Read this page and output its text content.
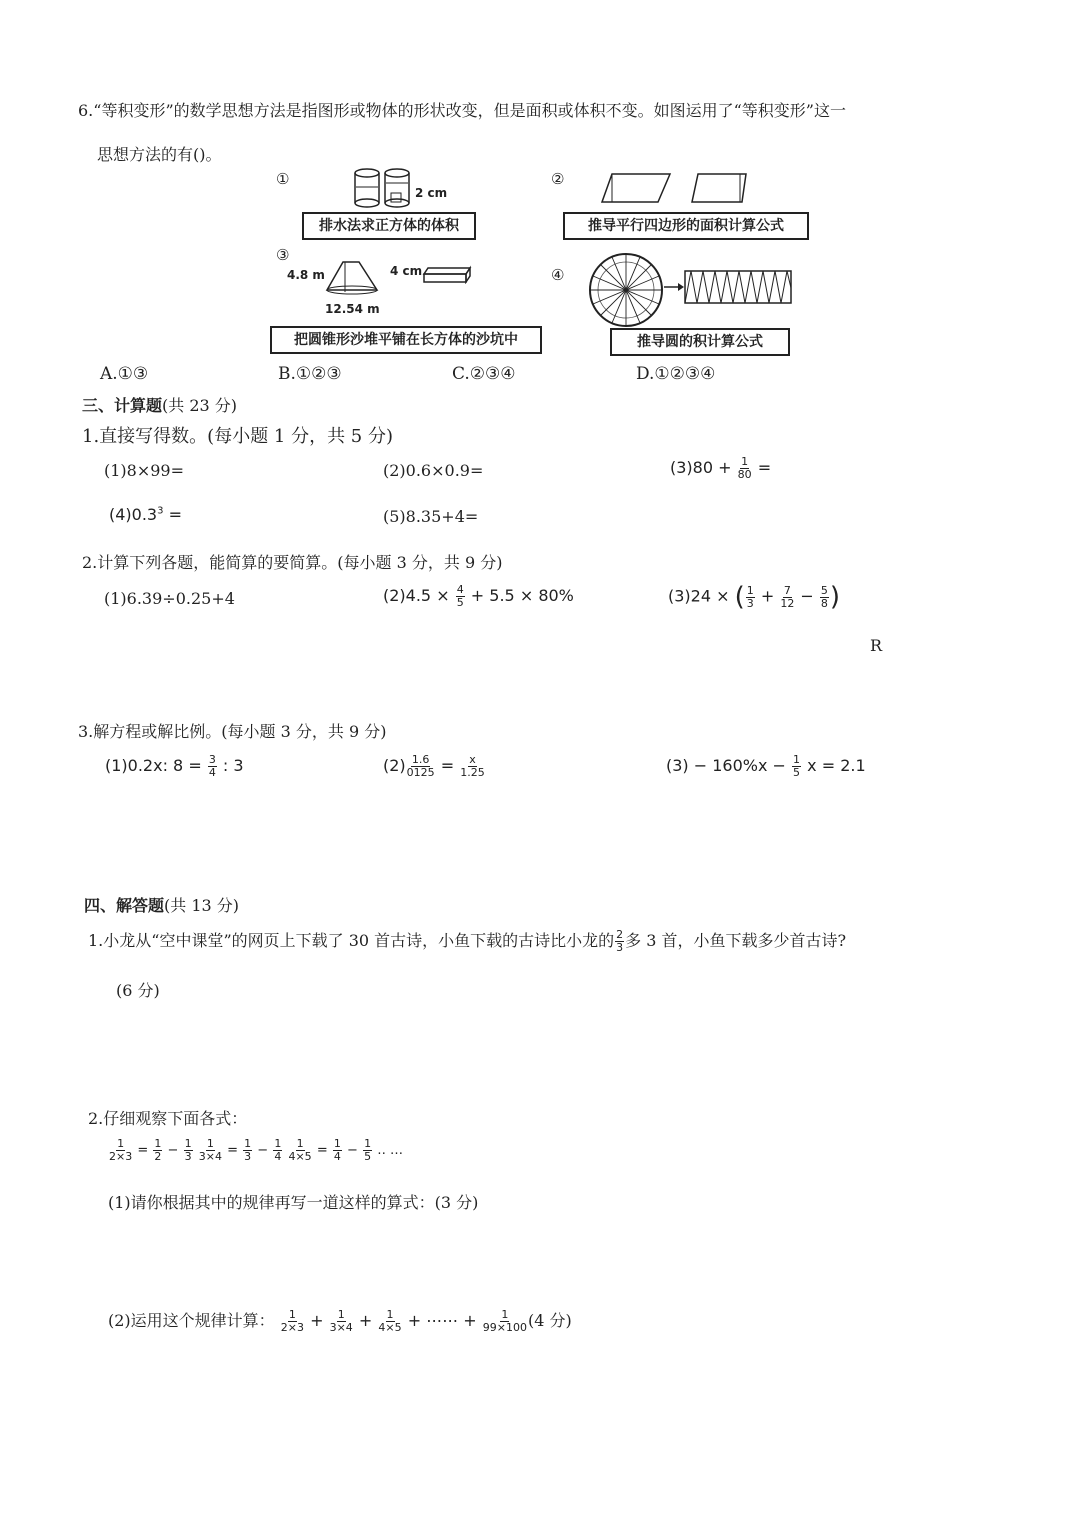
6.“等积变形”的数学思想方法是指图形或物体的形状改变，但是面积或体积不变。如图运用了“等积变形”这一
思想方法的有()。
①
2 cm
排水法求正方体的体积
②
推导平行四边形的面积计算公式
③
4.8 m
12.54 m
4 cm
把圆锥形沙堆平铺在长方体的沙坑中
④
推导圆的积计算公式
A.①③	B.①②③	C.②③④	D.①②③④
三、计算题(共 23 分)
1.直接写得数。(每小题 1 分，共 5 分)
(1)8×99=	(2)0.6×0.9=	$(3)80 + \frac{1}{80}$ =
$(4)0.3^3$ =	(5)8.35+4=
2.计算下列各题，能简算的要简算。(每小题 3 分，共 9 分)
(1)6.39÷0.25+4	$(2)4.5 \times \frac{4}{5} + 5.5 \times 80\%$	(3)24 × ( $\frac{1}{3} + \frac{7}{12} - \frac{5}{8}$ )
R
3.解方程或解比例。(每小题 3 分，共 9 分)
(1)0.2x: $8 = \frac{3}{4}$ : 3	$(2) \frac{1.6}{0125} = \frac{x}{1.25}$	$(3) - 160\%x - \frac{1}{5}$ x = 2.1
四、解答题(共 13 分)
1.小龙从“空中课堂”的网页上下载了 30 首古诗，小鱼下载的古诗比小龙的 $\frac{2}{3}$ 多 3 首，小鱼下载多少首古诗?
(6 分)
2.仔细观察下面各式：
$\frac{1}{2\times 3} = \frac{1}{2} - \frac{1}{3}$
$\frac{1}{3\times 4} = \frac{1}{3} - \frac{1}{4}$
$\frac{1}{4\times 5} = \frac{1}{4} - \frac{1}{5}$ ‥ …
(1)请你根据其中的规律再写一道这样的算式：(3 分)
(2)运用这个规律计算： $\frac{1}{2\times 3} + \frac{1}{3\times 4} + \frac{1}{4\times 5}$ + ⋯⋯ + $\frac{1}{99\times 100} (4$ 分)
